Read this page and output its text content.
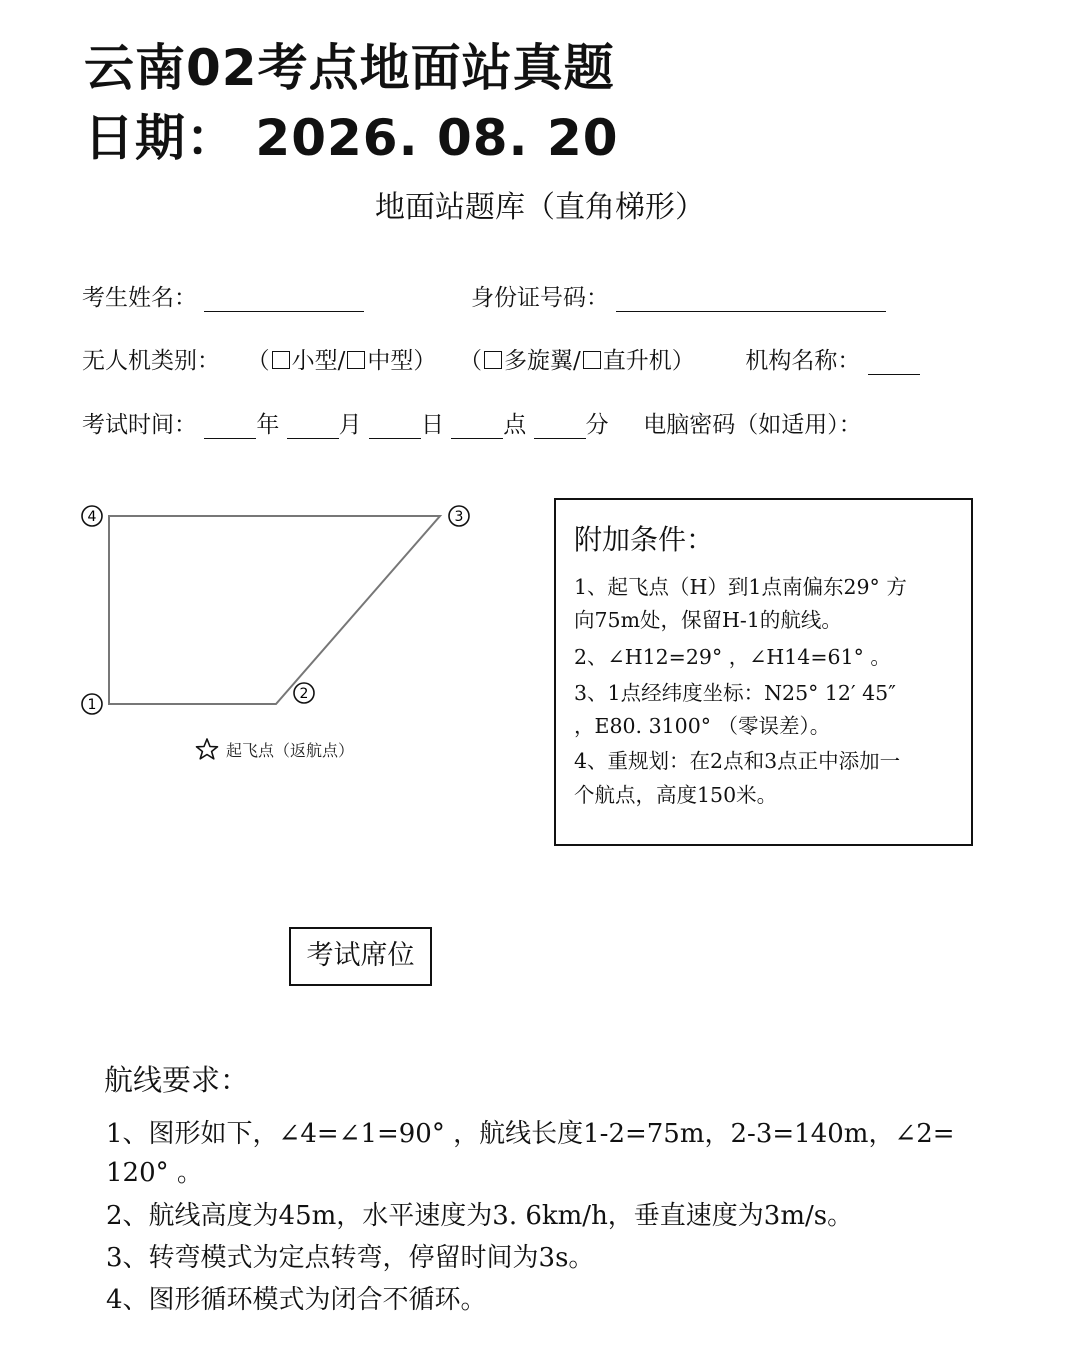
云南02考点地面站真题
日期： 2026. 08. 20
地面站题库（直角梯形）
考生姓名：	身份证号码：
无人机类别： （ 小型/ 中型） （ 多旋翼/ 直升机） 机构名称：
考试时间：	年	月	日	点	分 电脑密码（如适用）：
4	3
1
2
起飞点（返航点）
附加条件：
1、起飞点（H）到1点南偏东29° 方
向75m处，保留H-1的航线。
2、∠H12=29° ，∠H14=61° 。
3、1点经纬度坐标：N25° 12′ 45″
，E80. 3100° （零误差）。
4、重规划：在2点和3点正中添加一
个航点，高度150米。
考试席位
航线要求：
1、图形如下，∠4=∠1=90° ，航线长度1-2=75m，2-3=140m，∠2=
120° 。
2、航线高度为45m，水平速度为3. 6km/h，垂直速度为3m/s。
3、转弯模式为定点转弯，停留时间为3s。
4、图形循环模式为闭合不循环。
